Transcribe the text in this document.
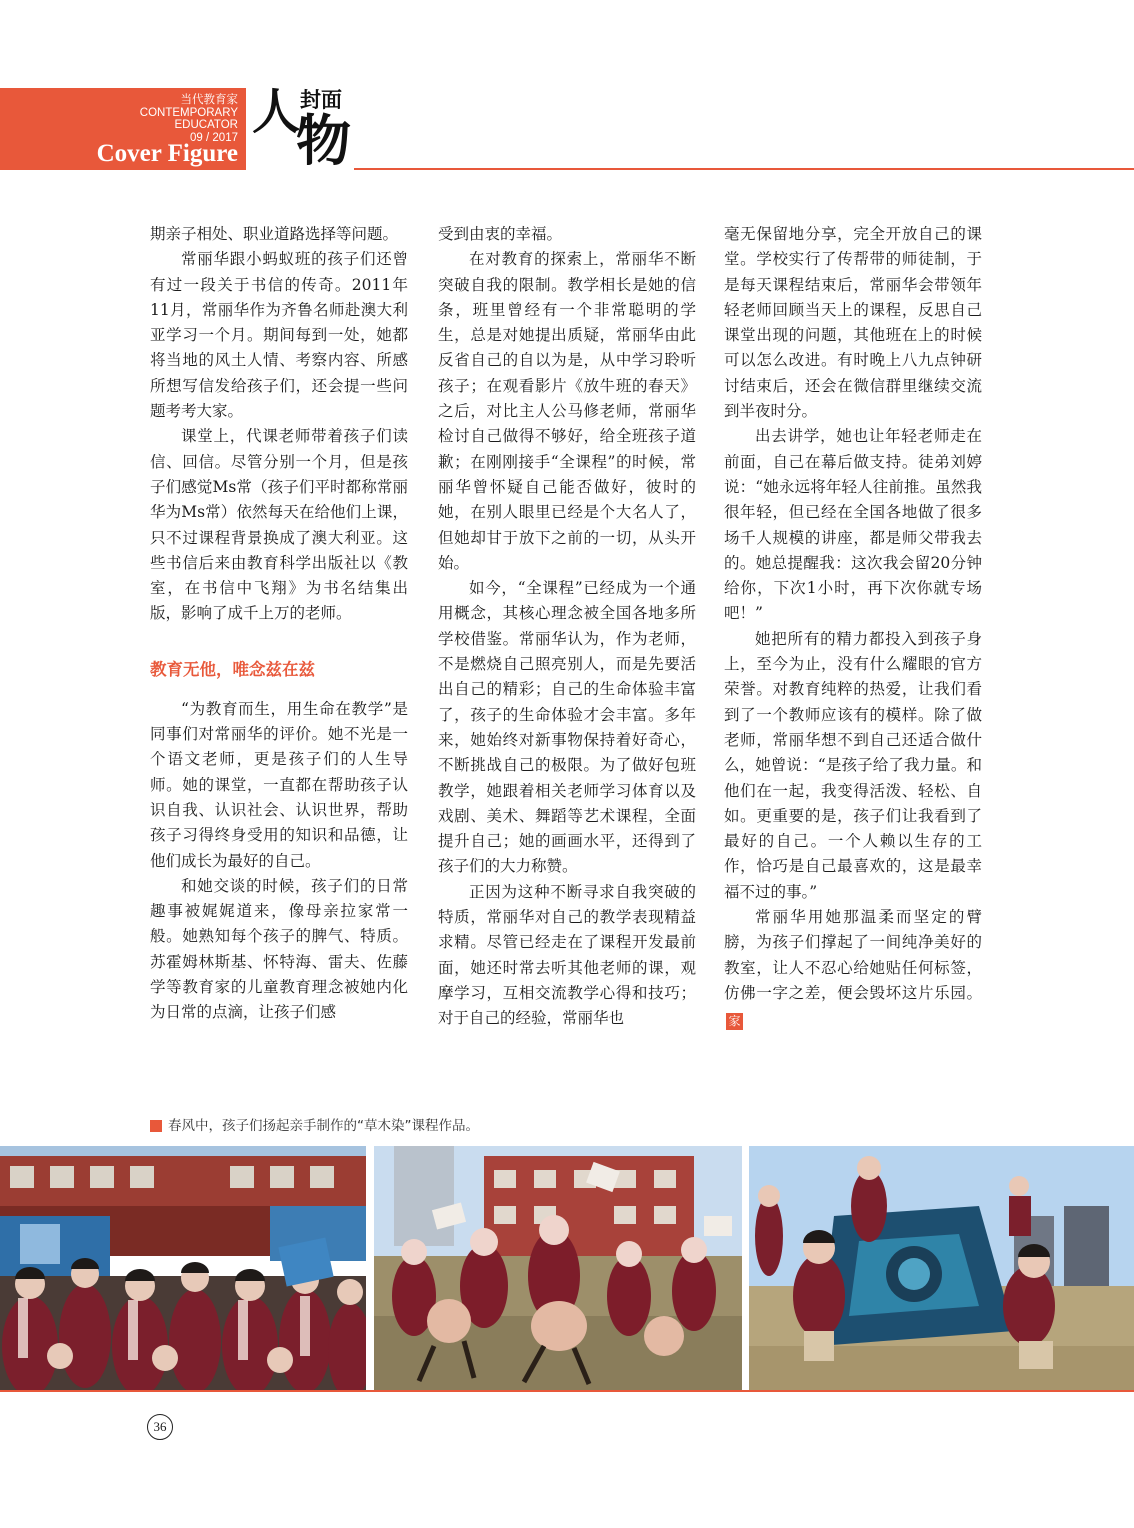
当代教育家
CONTEMPORARY
EDUCATOR
09 / 2017
Cover Figure
封面
人
物

期亲子相处、职业道路选择等问题。

常丽华跟小蚂蚁班的孩子们还曾有过一段关于书信的传奇。2011年11月，常丽华作为齐鲁名师赴澳大利亚学习一个月。期间每到一处，她都将当地的风土人情、考察内容、所感所想写信发给孩子们，还会提一些问题考考大家。

课堂上，代课老师带着孩子们读信、回信。尽管分别一个月，但是孩子们感觉Ms常（孩子们平时都称常丽华为Ms常）依然每天在给他们上课，只不过课程背景换成了澳大利亚。这些书信后来由教育科学出版社以《教室，在书信中飞翔》为书名结集出版，影响了成千上万的老师。

教育无他，唯念兹在兹

“为教育而生，用生命在教学”是同事们对常丽华的评价。她不光是一个语文老师，更是孩子们的人生导师。她的课堂，一直都在帮助孩子认识自我、认识社会、认识世界，帮助孩子习得终身受用的知识和品德，让他们成长为最好的自己。

和她交谈的时候，孩子们的日常趣事被娓娓道来，像母亲拉家常一般。她熟知每个孩子的脾气、特质。苏霍姆林斯基、怀特海、雷夫、佐藤学等教育家的儿童教育理念被她内化为日常的点滴，让孩子们感

受到由衷的幸福。

在对教育的探索上，常丽华不断突破自我的限制。教学相长是她的信条，班里曾经有一个非常聪明的学生，总是对她提出质疑，常丽华由此反省自己的自以为是，从中学习聆听孩子；在观看影片《放牛班的春天》之后，对比主人公马修老师，常丽华检讨自己做得不够好，给全班孩子道歉；在刚刚接手“全课程”的时候，常丽华曾怀疑自己能否做好，彼时的她，在别人眼里已经是个大名人了，但她却甘于放下之前的一切，从头开始。

如今，“全课程”已经成为一个通用概念，其核心理念被全国各地多所学校借鉴。常丽华认为，作为老师，不是燃烧自己照亮别人，而是先要活出自己的精彩；自己的生命体验丰富了，孩子的生命体验才会丰富。多年来，她始终对新事物保持着好奇心，不断挑战自己的极限。为了做好包班教学，她跟着相关老师学习体育以及戏剧、美术、舞蹈等艺术课程，全面提升自己；她的画画水平，还得到了孩子们的大力称赞。

正因为这种不断寻求自我突破的特质，常丽华对自己的教学表现精益求精。尽管已经走在了课程开发最前面，她还时常去听其他老师的课，观摩学习，互相交流教学心得和技巧；对于自己的经验，常丽华也

毫无保留地分享，完全开放自己的课堂。学校实行了传帮带的师徒制，于是每天课程结束后，常丽华会带领年轻老师回顾当天上的课程，反思自己课堂出现的问题，其他班在上的时候可以怎么改进。有时晚上八九点钟研讨结束后，还会在微信群里继续交流到半夜时分。

出去讲学，她也让年轻老师走在前面，自己在幕后做支持。徒弟刘婷说：“她永远将年轻人往前推。虽然我很年轻，但已经在全国各地做了很多场千人规模的讲座，都是师父带我去的。她总提醒我：这次我会留20分钟给你，下次1小时，再下次你就专场吧！”

她把所有的精力都投入到孩子身上，至今为止，没有什么耀眼的官方荣誉。对教育纯粹的热爱，让我们看到了一个教师应该有的模样。除了做老师，常丽华想不到自己还适合做什么，她曾说：“是孩子给了我力量。和他们在一起，我变得活泼、轻松、自如。更重要的是，孩子们让我看到了最好的自己。一个人赖以生存的工作，恰巧是自己最喜欢的，这是最幸福不过的事。”

常丽华用她那温柔而坚定的臂膀，为孩子们撑起了一间纯净美好的教室，让人不忍心给她贴任何标签，仿佛一字之差，便会毁坏这片乐园。家

春风中，孩子们扬起亲手制作的“草木染”课程作品。
36
